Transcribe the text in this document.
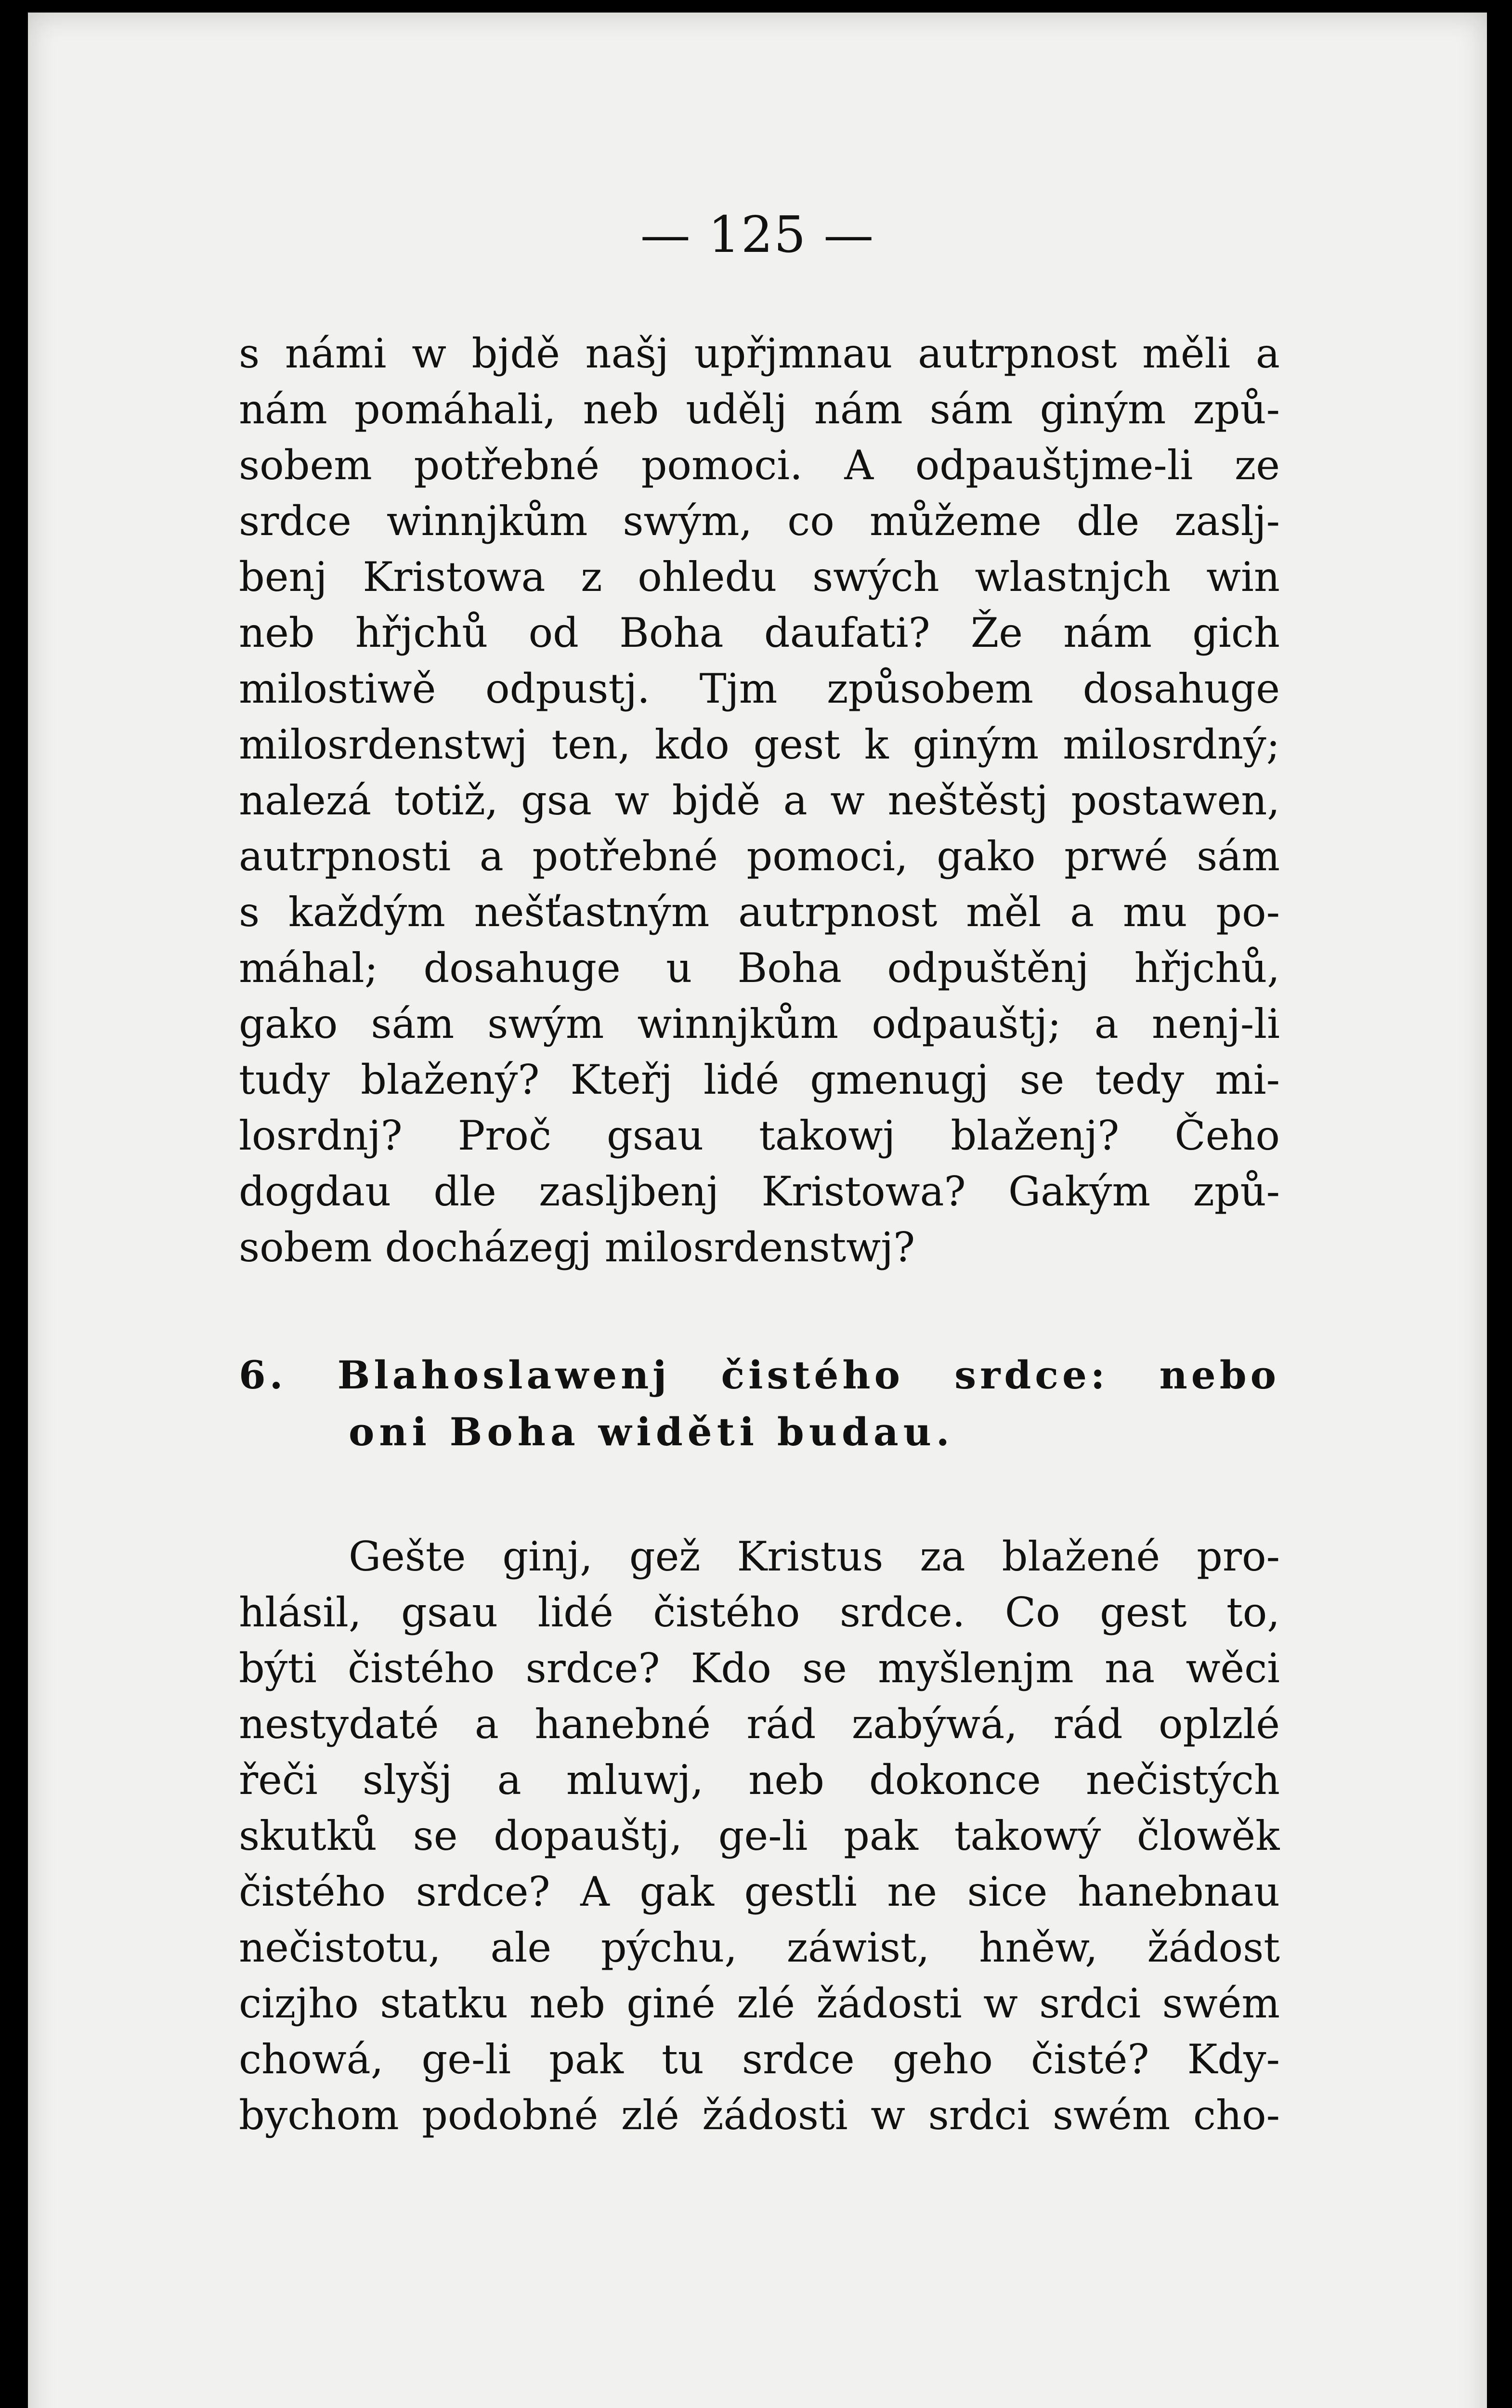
— 125 —

s námi w bjdě našj upřjmnau autrpnost měli a
nám pomáhali, neb udělj nám sám giným způ-
sobem potřebné pomoci. A odpauštjme-li ze
srdce winnjkům swým, co můžeme dle zaslj-
benj Kristowa z ohledu swých wlastnjch win
neb hřjchů od Boha daufati? Že nám gich
milostiwě odpustj. Tjm způsobem dosahuge
milosrdenstwj ten, kdo gest k giným milosrdný;
nalezá totiž, gsa w bjdě a w neštěstj postawen,
autrpnosti a potřebné pomoci, gako prwé sám
s každým nešťastným autrpnost měl a mu po-
máhal; dosahuge u Boha odpuštěnj hřjchů,
gako sám swým winnjkům odpauštj; a nenj-li
tudy blažený? Kteřj lidé gmenugj se tedy mi-
losrdnj? Proč gsau takowj blaženj? Čeho
dogdau dle zasljbenj Kristowa? Gakým způ-
sobem docházegj milosrdenstwj?
6. Blahoslawenj čistého srdce: nebo
oni Boha widěti budau.
Gešte ginj, gež Kristus za blažené pro-
hlásil, gsau lidé čistého srdce. Co gest to,
býti čistého srdce? Kdo se myšlenjm na wěci
nestydaté a hanebné rád zabýwá, rád oplzlé
řeči slyšj a mluwj, neb dokonce nečistých
skutků se dopauštj, ge-li pak takowý člowěk
čistého srdce? A gak gestli ne sice hanebnau
nečistotu, ale pýchu, záwist, hněw, žádost
cizjho statku neb giné zlé žádosti w srdci swém
chowá, ge-li pak tu srdce geho čisté? Kdy-
bychom podobné zlé žádosti w srdci swém cho-
